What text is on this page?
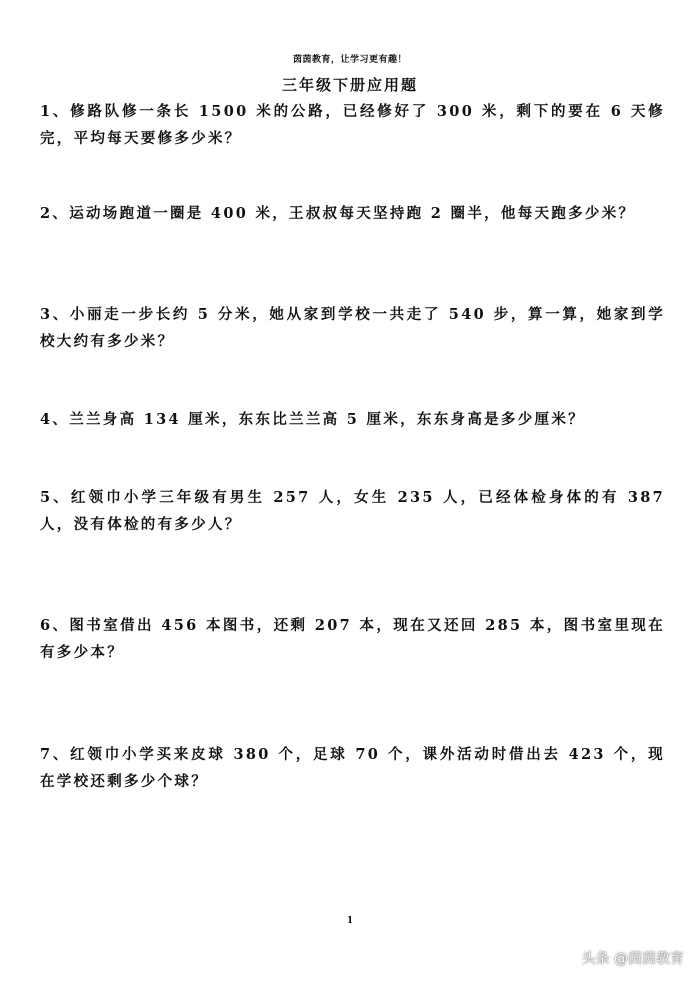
茵茵教育，让学习更有趣！
三年级下册应用题
1、修路队修一条长 1500 米的公路，已经修好了 300 米，剩下的要在 6 天修完，平均每天要修多少米？
2、运动场跑道一圈是 400 米，王叔叔每天坚持跑 2 圈半，他每天跑多少米？
3、小丽走一步长约 5 分米，她从家到学校一共走了 540 步，算一算，她家到学校大约有多少米？
4、兰兰身高 134 厘米，东东比兰兰高 5 厘米，东东身高是多少厘米？
5、红领巾小学三年级有男生 257 人，女生 235 人，已经体检身体的有 387 人，没有体检的有多少人？
6、图书室借出 456 本图书，还剩 207 本，现在又还回 285 本，图书室里现在有多少本？
7、红领巾小学买来皮球 380 个，足球 70 个，课外活动时借出去 423 个，现在学校还剩多少个球？
1
头条 @茵茵教育
